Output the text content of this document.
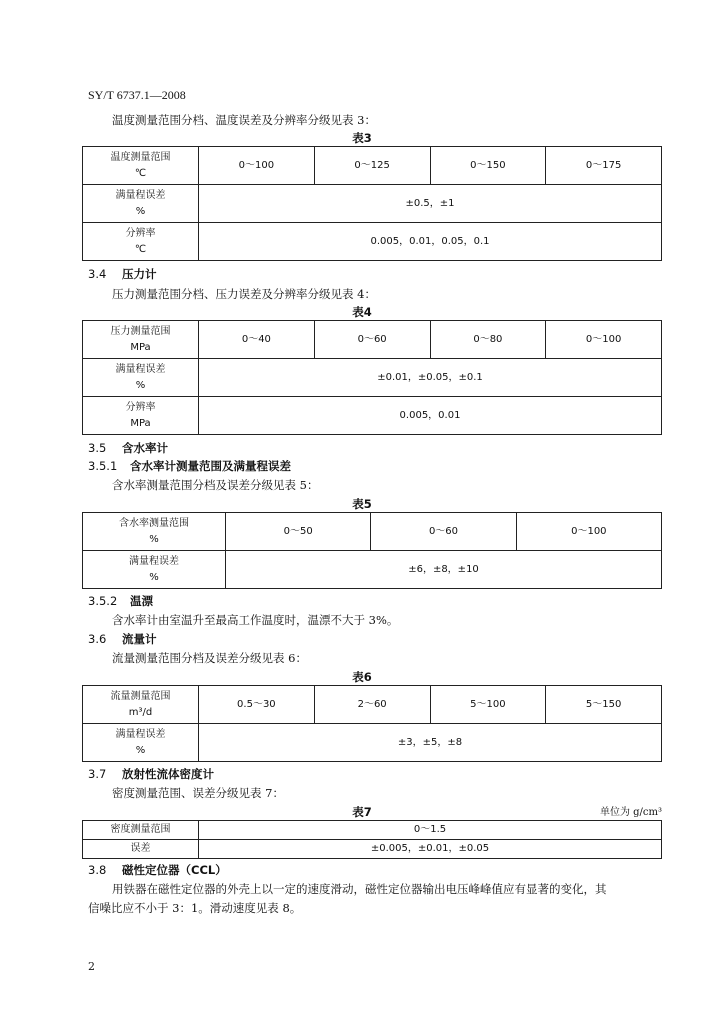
SY/T 6737.1—2008
温度测量范围分档、温度误差及分辨率分级见表 3：
表3
温度测量范围
℃	0～100	0～125	0～150	0～175

满量程误差
%	±0.5，±1			

分辨率
℃	0.005，0.01，0.05，0.1			
3.4 压力计
压力测量范围分档、压力误差及分辨率分级见表 4：
表4
压力测量范围
MPa	0～40	0～60	0～80	0～100

满量程误差
%	±0.01，±0.05，±0.1			

分辨率
MPa	0.005，0.01			
3.5 含水率计
3.5.1 含水率计测量范围及满量程误差
含水率测量范围分档及误差分级见表 5：
表5
含水率测量范围
%	0～50	0～60	0～100

满量程误差
%	±6，±8，±10		
3.5.2 温漂
含水率计由室温升至最高工作温度时，温漂不大于 3%。
3.6 流量计
流量测量范围分档及误差分级见表 6：
表6
流量测量范围
m³/d	0.5～30	2～60	5～100	5～150

满量程误差
%	±3，±5，±8			
3.7 放射性流体密度计
密度测量范围、误差分级见表 7：
表7	单位为 g/cm³
密度测量范围	0～1.5
误差	±0.005，±0.01，±0.05
3.8 磁性定位器（CCL）
用铁器在磁性定位器的外壳上以一定的速度滑动，磁性定位器输出电压峰峰值应有显著的变化，其
信噪比应不小于 3：1。滑动速度见表 8。
2
